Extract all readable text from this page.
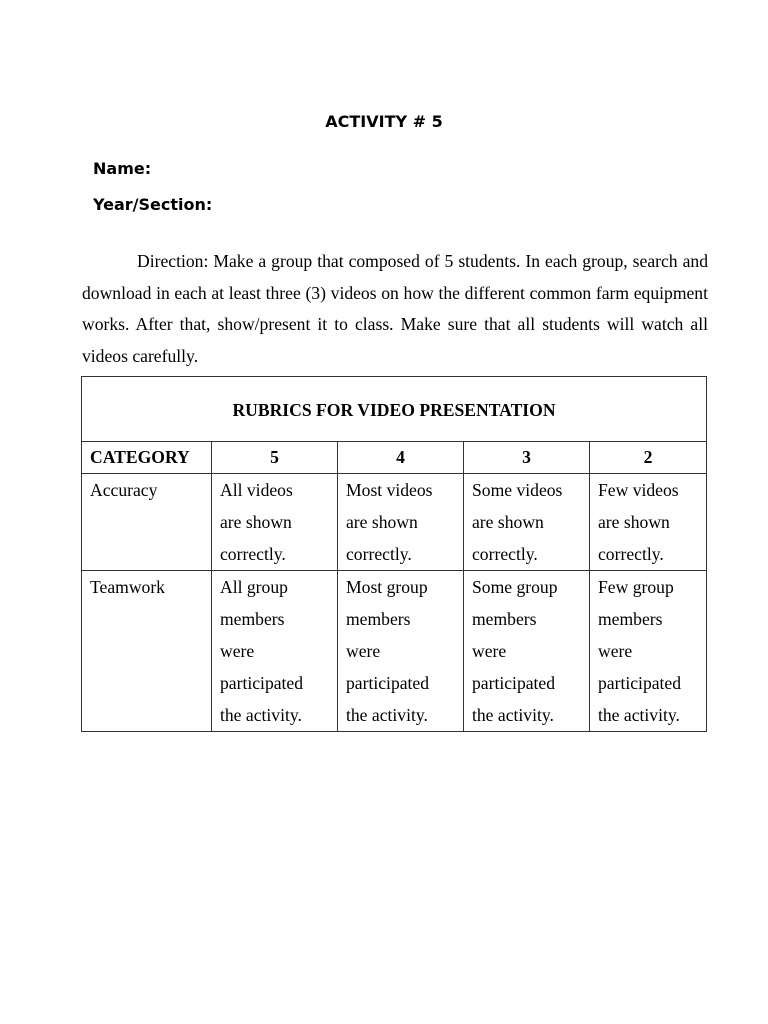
ACTIVITY # 5
Name:
Year/Section:

Direction: Make a group that composed of 5 students. In each group, search and download in each at least three (3) videos on how the different common farm equipment works. After that, show/present it to class. Make sure that all students will watch all videos carefully.

RUBRICS FOR VIDEO PRESENTATION				
CATEGORY	5	4	3	2
Accuracy	All videos
are shown
correctly.	Most videos
are shown
correctly.	Some videos
are shown
correctly.	Few videos
are shown
correctly.

Teamwork	All group
members
were
participated
the activity.	Most group
members
were
participated
the activity.	Some group
members
were
participated
the activity.	Few group
members
were
participated
the activity.
